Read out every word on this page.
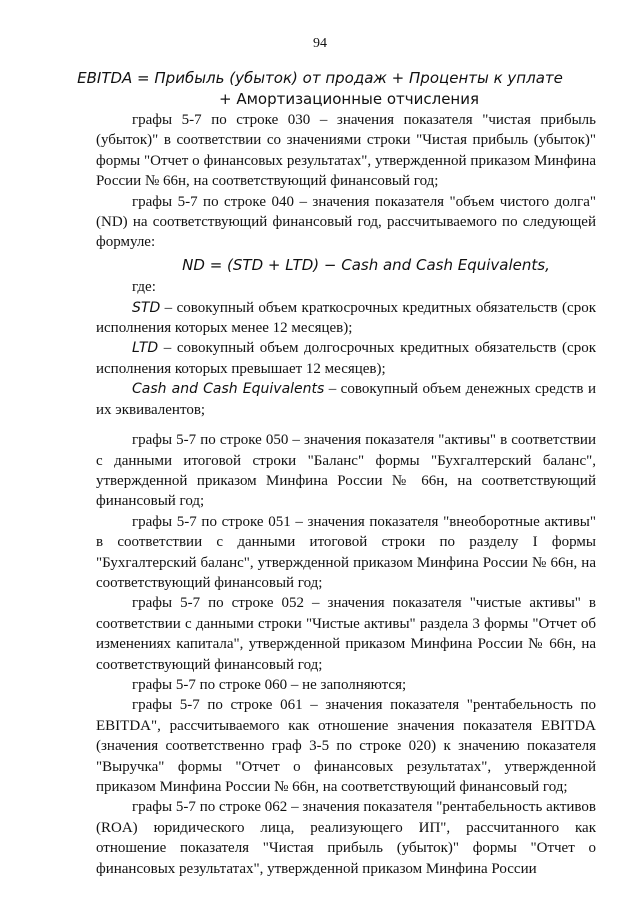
94
EBITDA = Прибыль (убыток) от продаж + Проценты к уплате
+ Амортизационные отчисления

графы 5-7 по строке 030 – значения показателя "чистая прибыль (убыток)" в соответствии со значениями строки "Чистая прибыль (убыток)" формы "Отчет о финансовых результатах", утвержденной приказом Минфина России № 66н, на соответствующий финансовый год;

графы 5-7 по строке 040 – значения показателя "объем чистого долга" (ND) на соответствующий финансовый год, рассчитываемого по следующей формуле:

ND = (STD + LTD) − Cash and Cash Equivalents,

где:

STD – совокупный объем краткосрочных кредитных обязательств (срок исполнения которых менее 12 месяцев);

LTD – совокупный объем долгосрочных кредитных обязательств (срок исполнения которых превышает 12 месяцев);

Cash and Cash Equivalents – совокупный объем денежных средств и их эквивалентов;

графы 5-7 по строке 050 – значения показателя "активы" в соответствии с данными итоговой строки "Баланс" формы "Бухгалтерский баланс", утвержденной приказом Минфина России № 66н, на соответствующий финансовый год;

графы 5-7 по строке 051 – значения показателя "внеоборотные активы" в соответствии с данными итоговой строки по разделу I формы "Бухгалтерский баланс", утвержденной приказом Минфина России № 66н, на соответствующий финансовый год;

графы 5-7 по строке 052 – значения показателя "чистые активы" в соответствии с данными строки "Чистые активы" раздела 3 формы "Отчет об изменениях капитала", утвержденной приказом Минфина России № 66н, на соответствующий финансовый год;

графы 5-7 по строке 060 – не заполняются;

графы 5-7 по строке 061 – значения показателя "рентабельность по EBITDA", рассчитываемого как отношение значения показателя EBITDA (значения соответственно граф 3-5 по строке 020) к значению показателя "Выручка" формы "Отчет о финансовых результатах", утвержденной приказом Минфина России № 66н, на соответствующий финансовый год;

графы 5-7 по строке 062 – значения показателя "рентабельность активов (ROA) юридического лица, реализующего ИП", рассчитанного как отношение показателя "Чистая прибыль (убыток)" формы "Отчет о финансовых результатах", утвержденной приказом Минфина России
